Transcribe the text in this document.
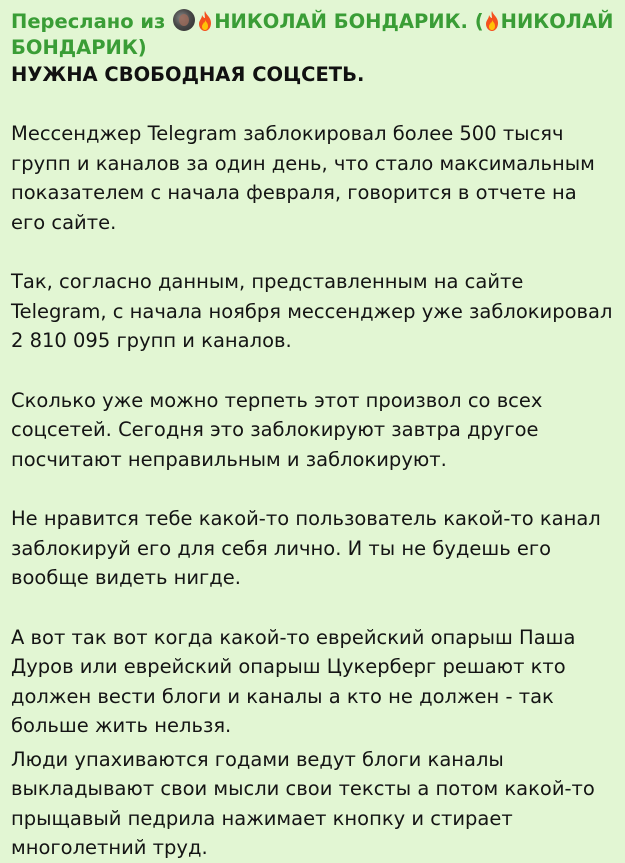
Переслано из	НИКОЛАЙ БОНДАРИК. ( НИКОЛАЙ
БОНДАРИК)
НУЖНА СВОБОДНАЯ СОЦСЕТЬ.

Мессенджер Telegram заблокировал более 500 тысяч групп и каналов за один день, что стало максимальным показателем с начала февраля, говорится в отчете на его сайте.

Так, согласно данным, представленным на сайте Telegram, с начала ноября мессенджер уже заблокировал 2 810 095 групп и каналов.

Сколько уже можно терпеть этот произвол со всех соцсетей. Сегодня это заблокируют завтра другое посчитают неправильным и заблокируют.

Не нравится тебе какой-то пользователь какой-то канал заблокируй его для себя лично. И ты не будешь его вообще видеть нигде.

А вот так вот когда какой-то еврейский опарыш Паша Дуров или еврейский опарыш Цукерберг решают кто должен вести блоги и каналы а кто не должен - так больше жить нельзя.

Люди упахиваются годами ведут блоги каналы выкладывают свои мысли свои тексты а потом какой-то прыщавый педрила нажимает кнопку и стирает многолетний труд.
